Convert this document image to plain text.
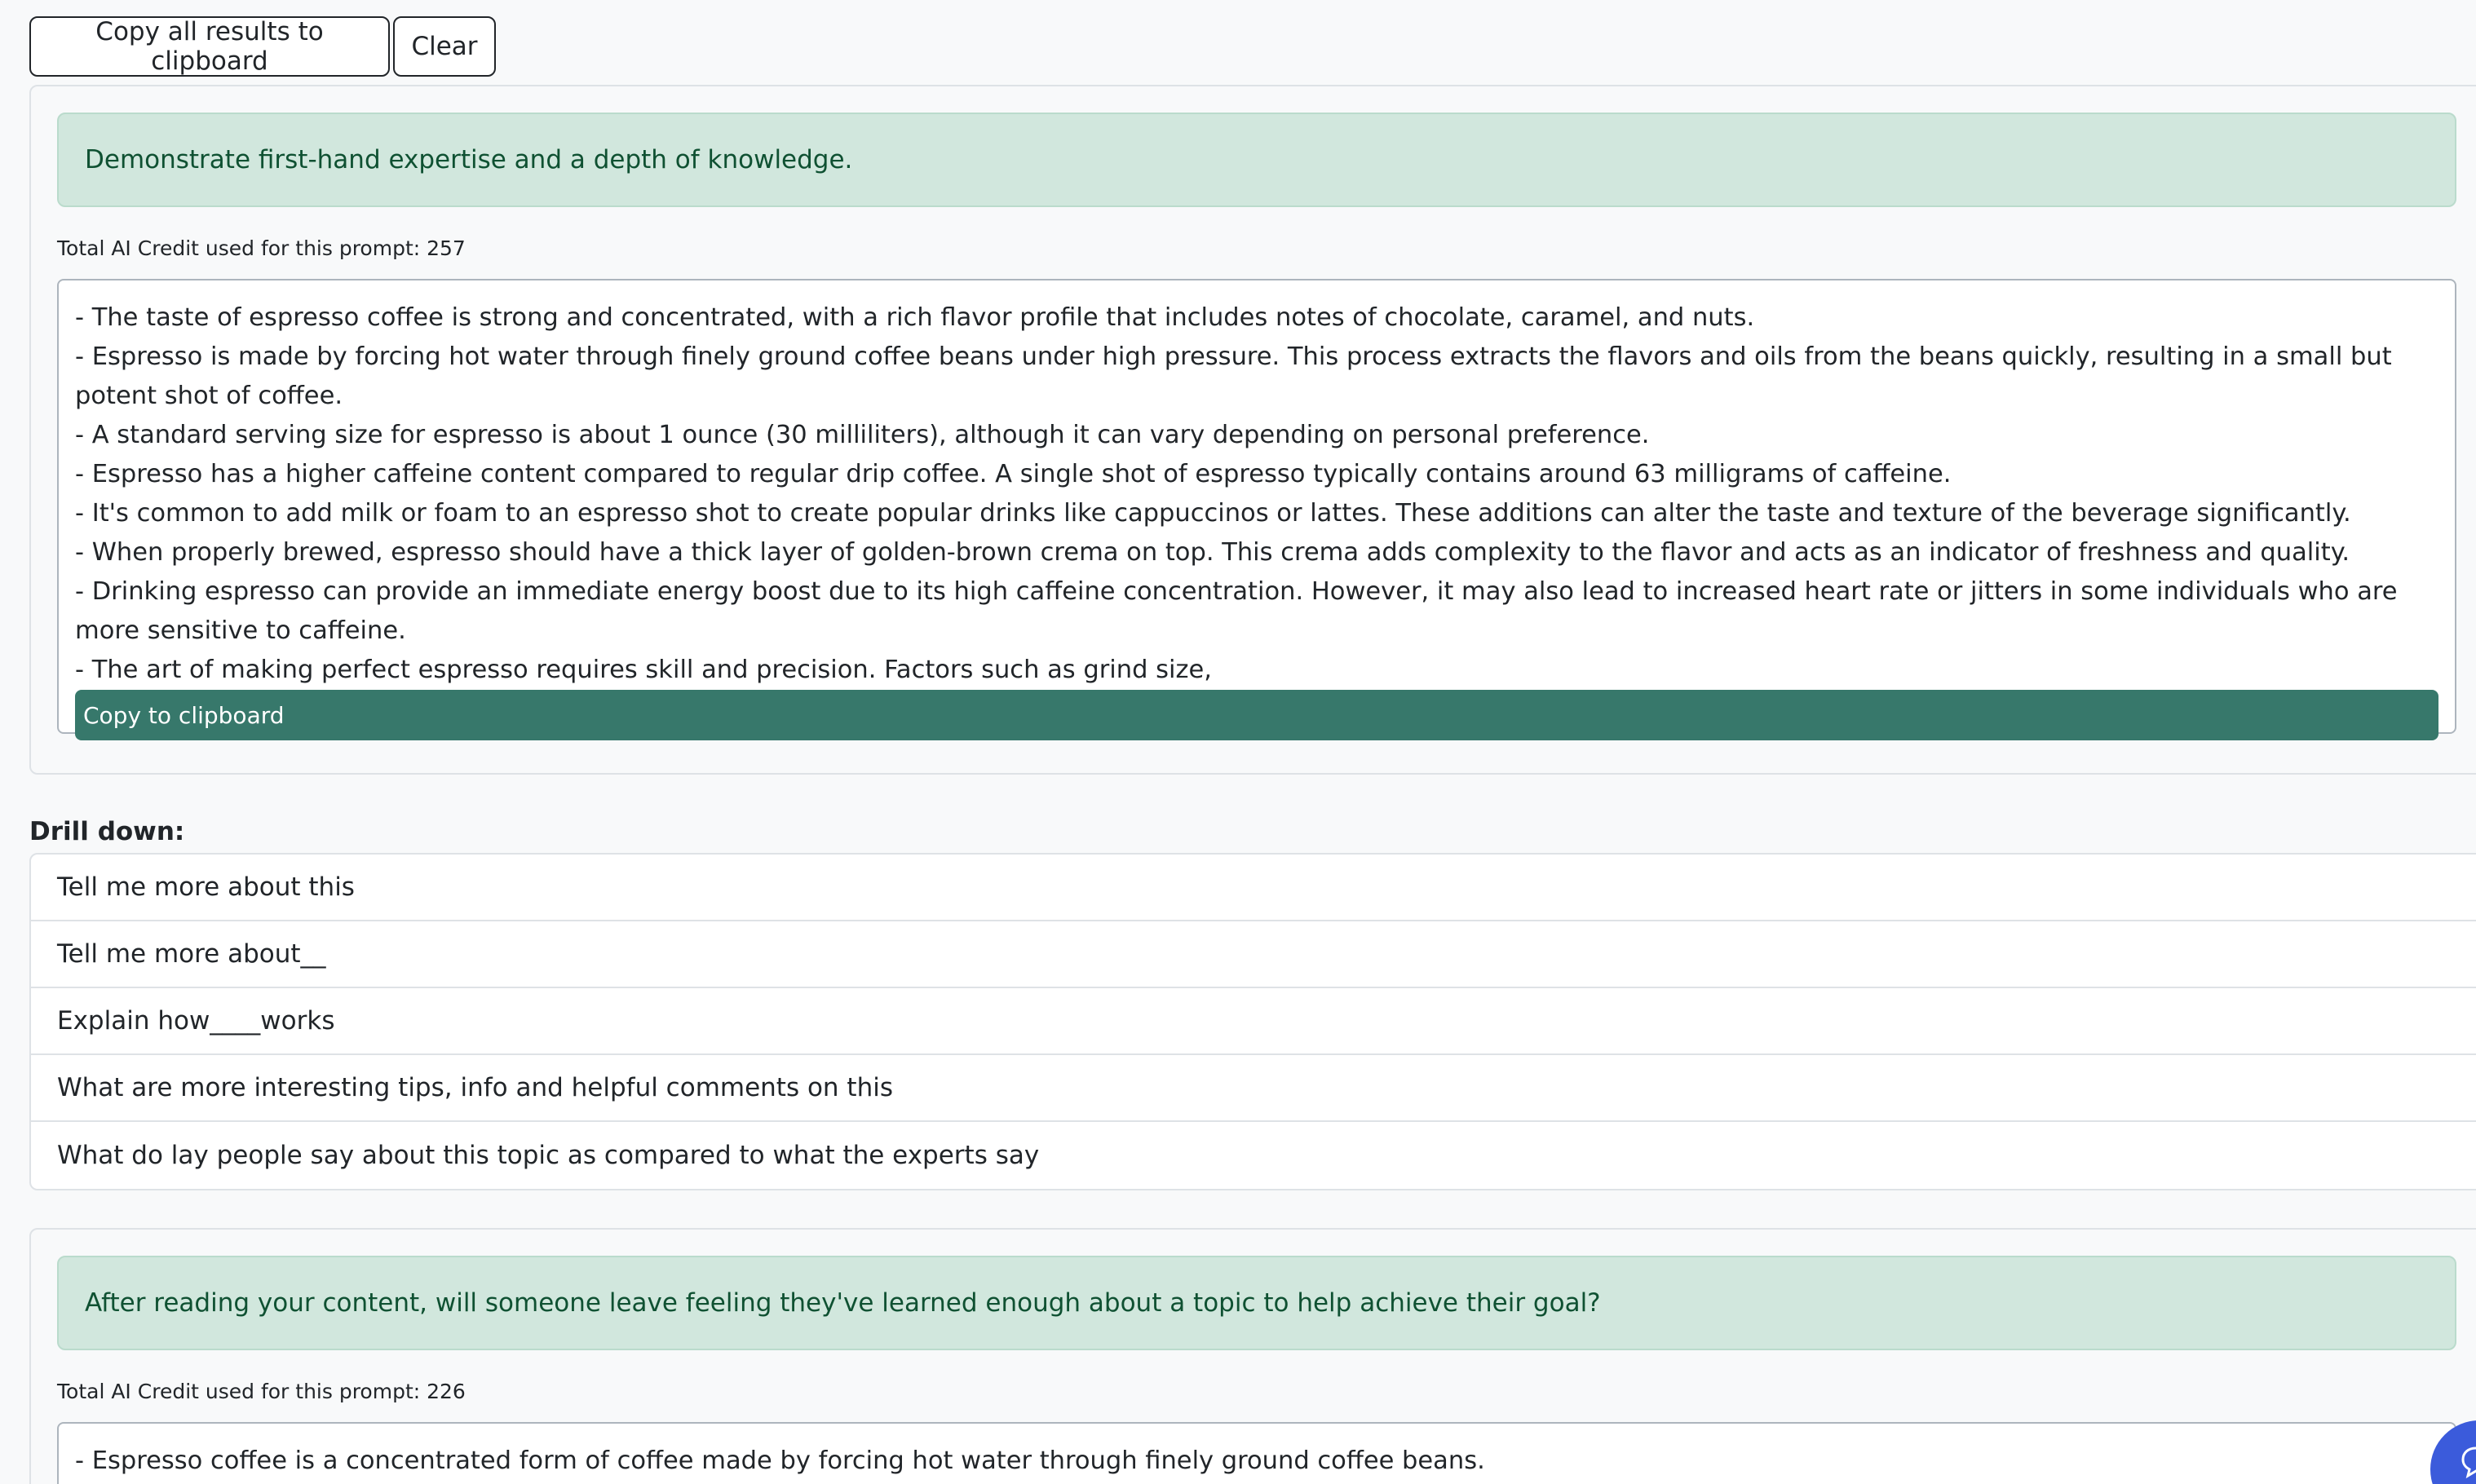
Copy all results to clipboard	Clear
Demonstrate first-hand expertise and a depth of knowledge.
Total AI Credit used for this prompt: 257
- The taste of espresso coffee is strong and concentrated, with a rich flavor profile that includes notes of chocolate, caramel, and nuts.
- Espresso is made by forcing hot water through finely ground coffee beans under high pressure. This process extracts the flavors and oils from the beans quickly, resulting in a small but potent shot of coffee.
- A standard serving size for espresso is about 1 ounce (30 milliliters), although it can vary depending on personal preference.
- Espresso has a higher caffeine content compared to regular drip coffee. A single shot of espresso typically contains around 63 milligrams of caffeine.
- It's common to add milk or foam to an espresso shot to create popular drinks like cappuccinos or lattes. These additions can alter the taste and texture of the beverage significantly.
- When properly brewed, espresso should have a thick layer of golden-brown crema on top. This crema adds complexity to the flavor and acts as an indicator of freshness and quality.
- Drinking espresso can provide an immediate energy boost due to its high caffeine concentration. However, it may also lead to increased heart rate or jitters in some individuals who are more sensitive to caffeine.
- The art of making perfect espresso requires skill and precision. Factors such as grind size,
Copy to clipboard
Drill down:
Tell me more about this
Tell me more about__
Explain how____works
What are more interesting tips, info and helpful comments on this
What do lay people say about this topic as compared to what the experts say
After reading your content, will someone leave feeling they've learned enough about a topic to help achieve their goal?
Total AI Credit used for this prompt: 226
- Espresso coffee is a concentrated form of coffee made by forcing hot water through finely ground coffee beans.
